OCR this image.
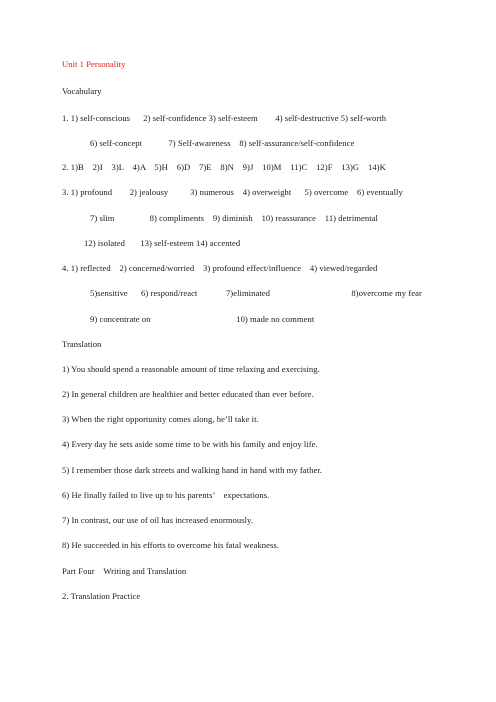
Unit 1 Personality
Vocabulary
1. 1) self-conscious      2) self-confidence 3) self-esteem        4) self-destructive 5) self-worth
6) self-concept            7) Self-awareness    8) self-assurance/self-confidence
2. 1)B    2)I    3)L    4)A    5)H    6)D    7)E    8)N    9)J    10)M    11)C    12)F    13)G    14)K
3. 1) profound        2) jealousy          3) numerous    4) overweight      5) overcome    6) eventually
7) slim                8) compliments    9) diminish    10) reassurance    11) detrimental
12) isolated       13) self-esteem 14) accented
4. 1) reflected    2) concerned/worried    3) profound effect/influence    4) viewed/regarded
5)sensitive      6) respond/react             7)eliminated                                     8)overcome my fear
9) concentrate on                                       10) made no comment
Translation
1) You should spend a reasonable amount of time relaxing and exercising.
2) In general children are healthier and better educated than ever before.
3) When the right opportunity comes along, he’ll take it.
4) Every day he sets aside some time to be with his family and enjoy life.
5) I remember those dark streets and walking hand in hand with my father.
6) He finally failed to live up to his parents’    expectations.
7) In contrast, our use of oil has increased enormously.
8) He succeeded in his efforts to overcome his fatal weakness.
Part Four    Writing and Translation
2. Translation Practice
